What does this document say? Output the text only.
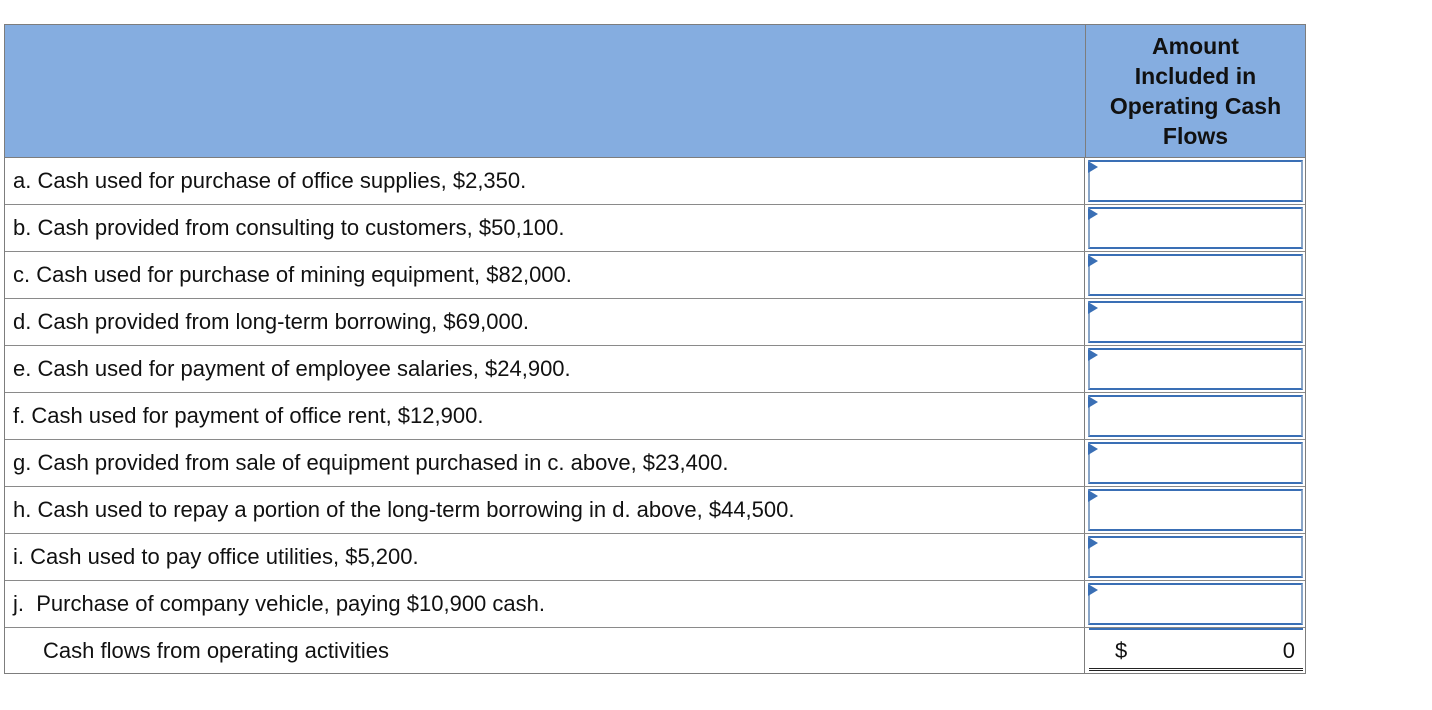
Amount
Included in
Operating Cash
Flows
a. Cash used for purchase of office supplies, $2,350.
b. Cash provided from consulting to customers, $50,100.
c. Cash used for purchase of mining equipment, $82,000.
d. Cash provided from long-term borrowing, $69,000.
e. Cash used for payment of employee salaries, $24,900.
f. Cash used for payment of office rent, $12,900.
g. Cash provided from sale of equipment purchased in c. above, $23,400.
h. Cash used to repay a portion of the long-term borrowing in d. above, $44,500.
i. Cash used to pay office utilities, $5,200.
j.  Purchase of company vehicle, paying $10,900 cash.
Cash flows from operating activities	$	0
